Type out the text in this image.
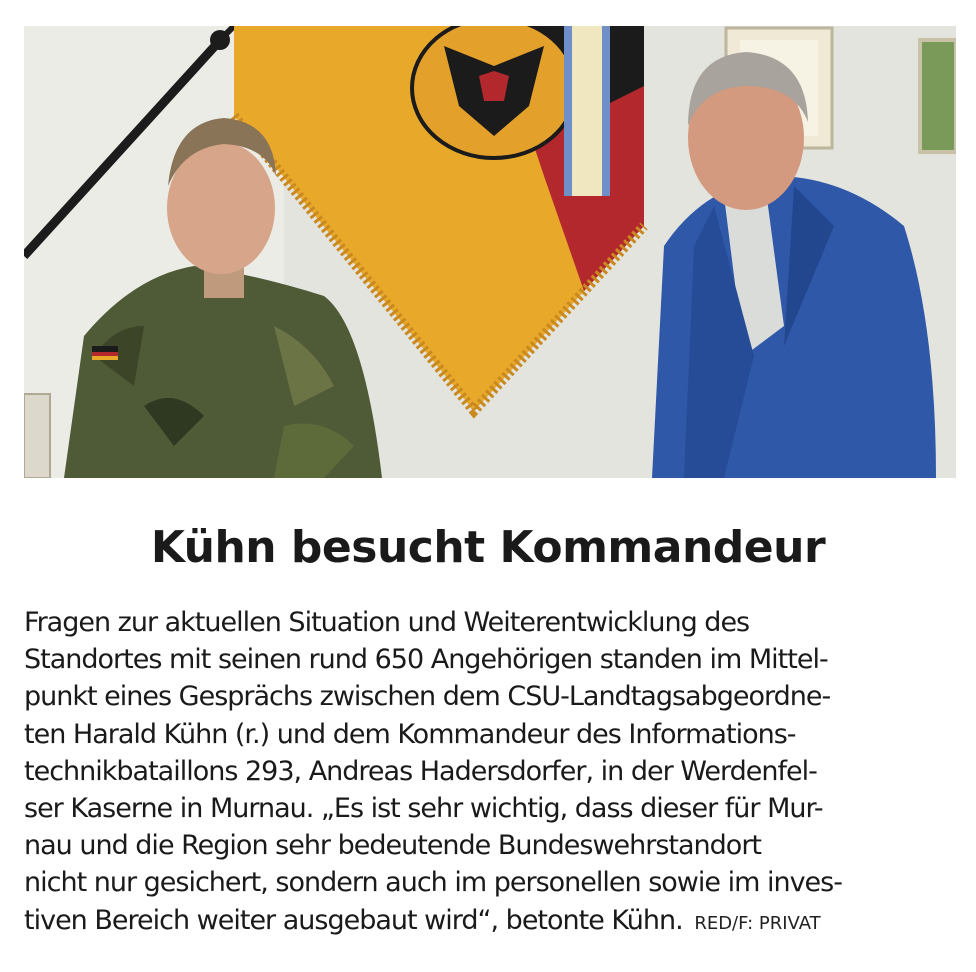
Kühn besucht Kommandeur

Fragen zur aktuellen Situation und Weiterentwicklung des
Standortes mit seinen rund 650 Angehörigen standen im Mittel-
punkt eines Gesprächs zwischen dem CSU-Landtagsabgeordne-
ten Harald Kühn (r.) und dem Kommandeur des Informations-
technikbataillons 293, Andreas Hadersdorfer, in der Werdenfel-
ser Kaserne in Murnau. „Es ist sehr wichtig, dass dieser für Mur-
nau und die Region sehr bedeutende Bundeswehrstandort
nicht nur gesichert, sondern auch im personellen sowie im inves-
tiven Bereich weiter ausgebaut wird“, betonte Kühn. RED/F: PRIVAT
